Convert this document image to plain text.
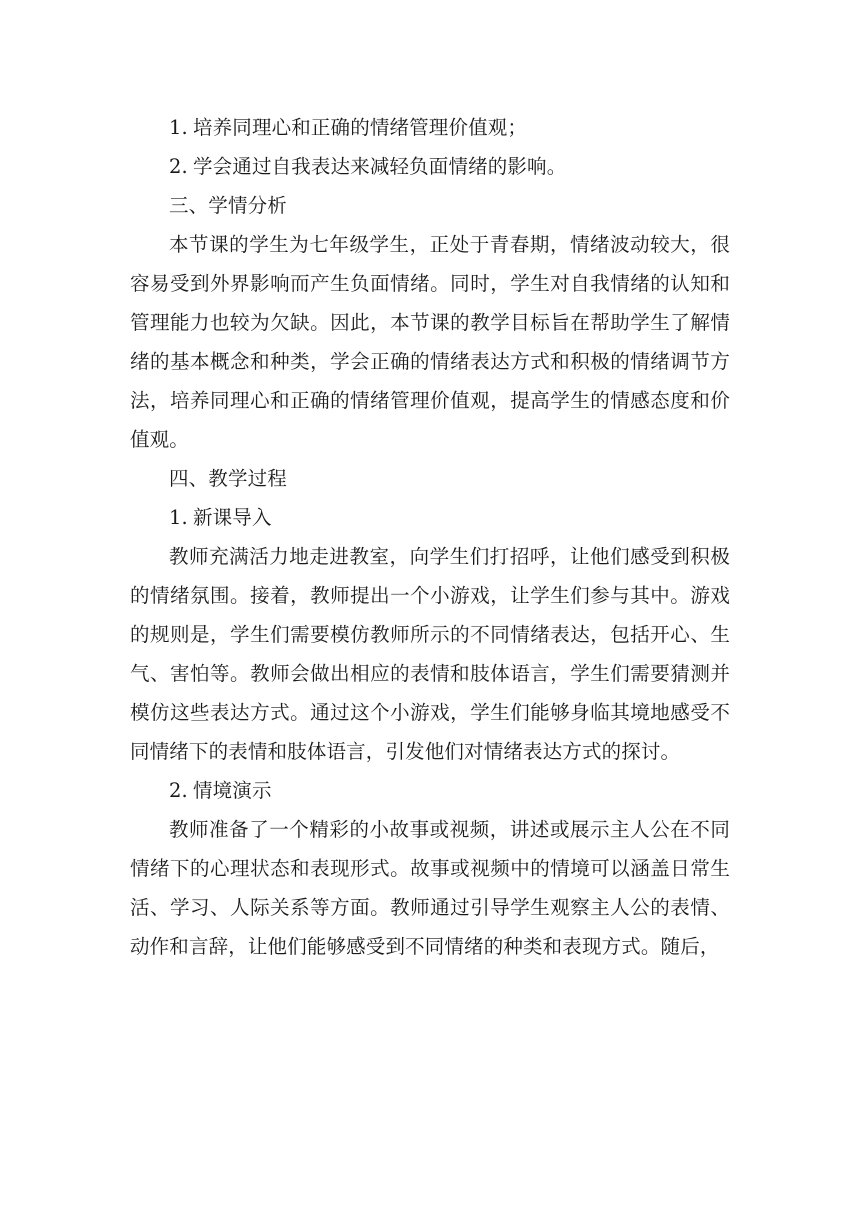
1. 培养同理心和正确的情绪管理价值观；

2. 学会通过自我表达来减轻负面情绪的影响。

三、学情分析

本节课的学生为七年级学生，正处于青春期，情绪波动较大，很容易受到外界影响而产生负面情绪。同时，学生对自我情绪的认知和管理能力也较为欠缺。因此，本节课的教学目标旨在帮助学生了解情绪的基本概念和种类，学会正确的情绪表达方式和积极的情绪调节方法，培养同理心和正确的情绪管理价值观，提高学生的情感态度和价值观。

四、教学过程

1. 新课导入

教师充满活力地走进教室，向学生们打招呼，让他们感受到积极的情绪氛围。接着，教师提出一个小游戏，让学生们参与其中。游戏的规则是，学生们需要模仿教师所示的不同情绪表达，包括开心、生气、害怕等。教师会做出相应的表情和肢体语言，学生们需要猜测并模仿这些表达方式。通过这个小游戏，学生们能够身临其境地感受不同情绪下的表情和肢体语言，引发他们对情绪表达方式的探讨。

2. 情境演示

教师准备了一个精彩的小故事或视频，讲述或展示主人公在不同情绪下的心理状态和表现形式。故事或视频中的情境可以涵盖日常生活、学习、人际关系等方面。教师通过引导学生观察主人公的表情、动作和言辞，让他们能够感受到不同情绪的种类和表现方式。随后，
